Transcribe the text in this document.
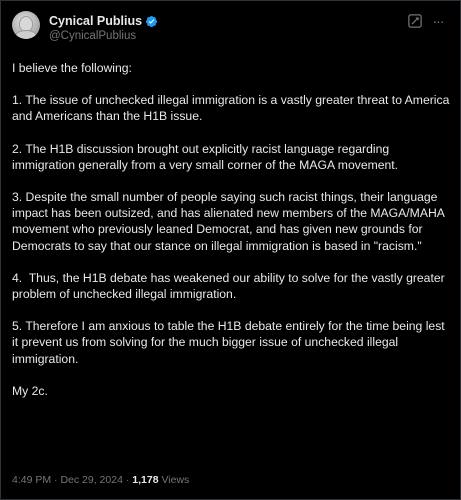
Cynical Publius
@CynicalPublius
···

I believe the following:

1. The issue of unchecked illegal immigration is a vastly greater threat to America and Americans than the H1B issue.

2. The H1B discussion brought out explicitly racist language regarding immigration generally from a very small corner of the MAGA movement.

3. Despite the small number of people saying such racist things, their language impact has been outsized, and has alienated new members of the MAGA/MAHA movement who previously leaned Democrat, and has given new grounds for Democrats to say that our stance on illegal immigration is based in "racism."

4.  Thus, the H1B debate has weakened our ability to solve for the vastly greater problem of unchecked illegal immigration.

5. Therefore I am anxious to table the H1B debate entirely for the time being lest it prevent us from solving for the much bigger issue of unchecked illegal immigration.

My 2c.

4:49 PM · Dec 29, 2024 · 1,178 Views
